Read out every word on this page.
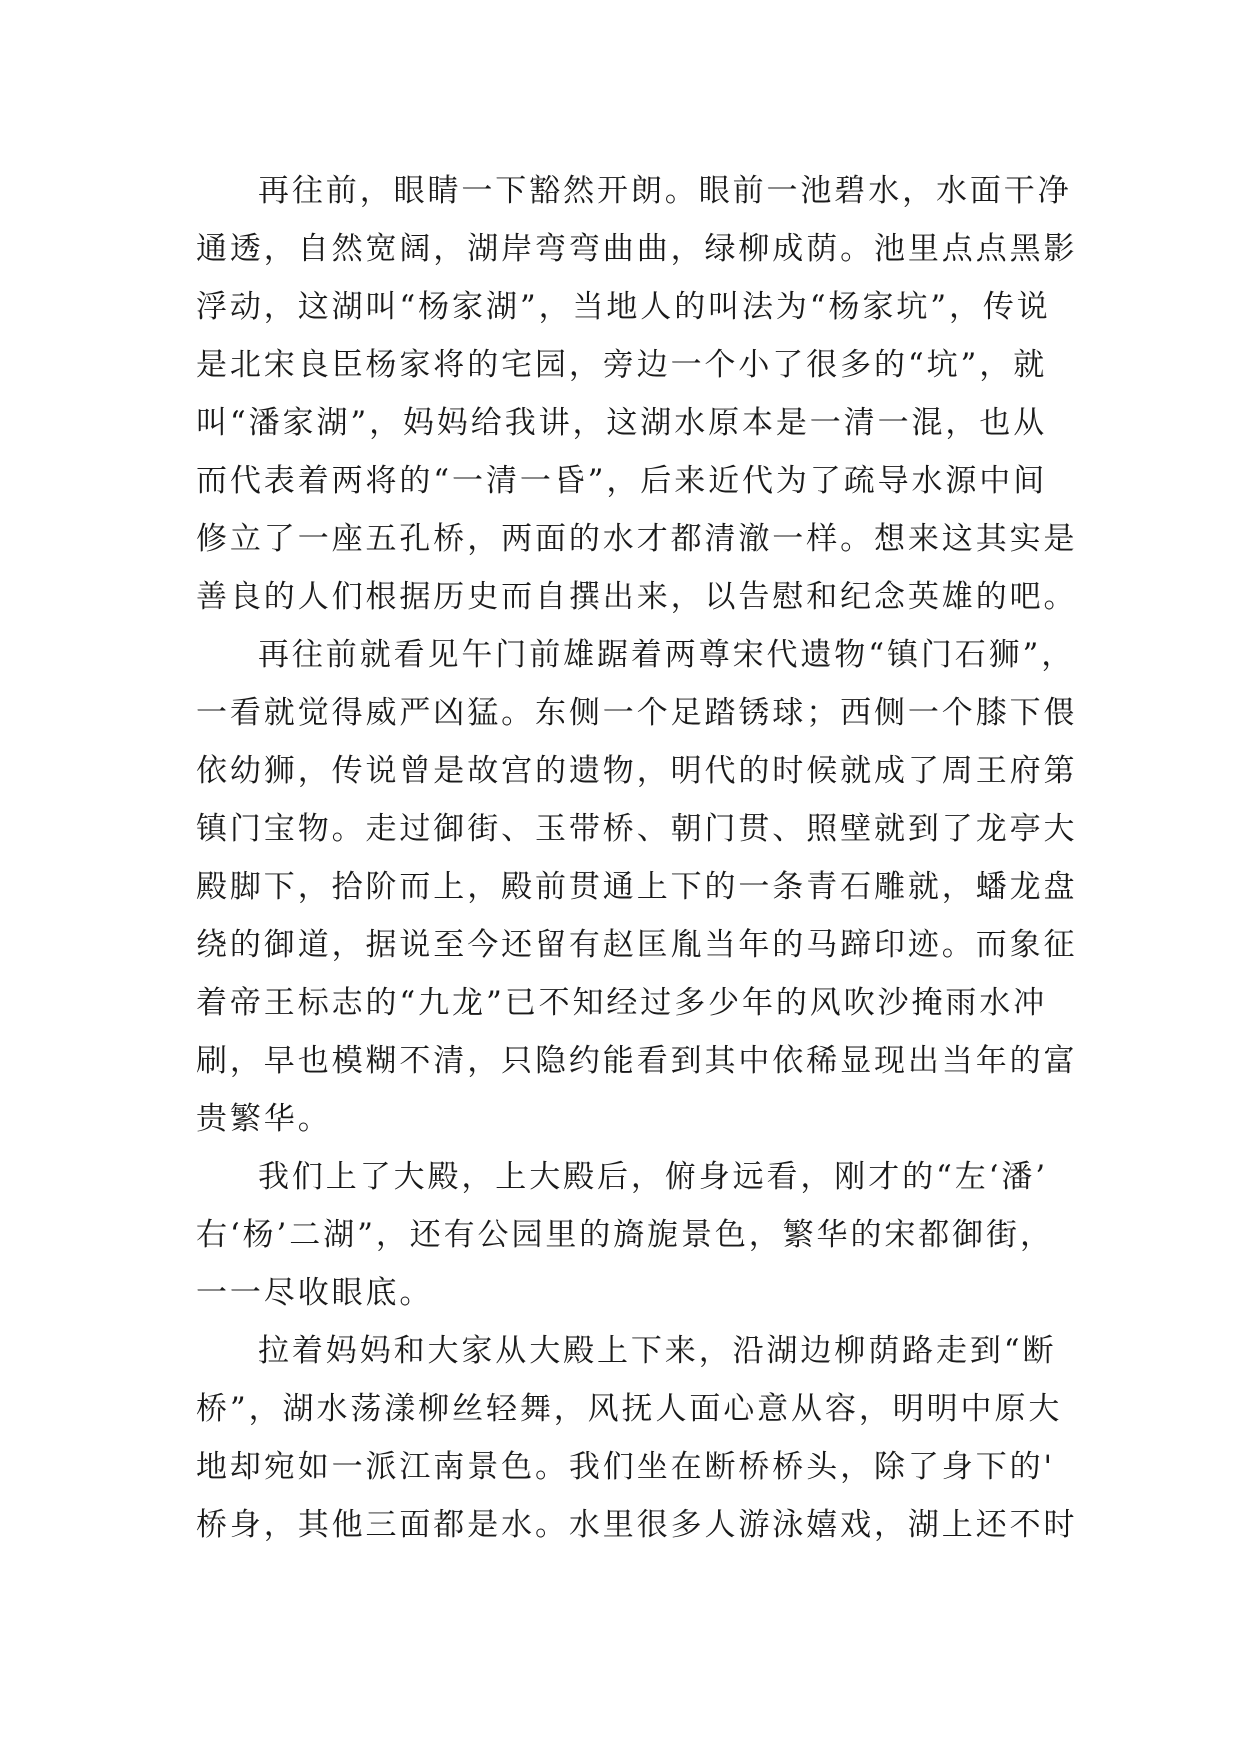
再往前，眼睛一下豁然开朗。眼前一池碧水，水面干净
通透，自然宽阔，湖岸弯弯曲曲，绿柳成荫。池里点点黑影
浮动，这湖叫“杨家湖”，当地人的叫法为“杨家坑”，传说
是北宋良臣杨家将的宅园，旁边一个小了很多的“坑”，就
叫“潘家湖”，妈妈给我讲，这湖水原本是一清一混，也从
而代表着两将的“一清一昏”，后来近代为了疏导水源中间
修立了一座五孔桥，两面的水才都清澈一样。想来这其实是
善良的人们根据历史而自撰出来，以告慰和纪念英雄的吧。
再往前就看见午门前雄踞着两尊宋代遗物“镇门石狮”，
一看就觉得威严凶猛。东侧一个足踏锈球；西侧一个膝下偎
依幼狮，传说曾是故宫的遗物，明代的时候就成了周王府第
镇门宝物。走过御街、玉带桥、朝门贯、照壁就到了龙亭大
殿脚下，拾阶而上，殿前贯通上下的一条青石雕就，蟠龙盘
绕的御道，据说至今还留有赵匡胤当年的马蹄印迹。而象征
着帝王标志的“九龙”已不知经过多少年的风吹沙掩雨水冲
刷，早也模糊不清，只隐约能看到其中依稀显现出当年的富
贵繁华。
我们上了大殿，上大殿后，俯身远看，刚才的“左‘潘’
右‘杨’二湖”，还有公园里的旖旎景色，繁华的宋都御街，
一一尽收眼底。
拉着妈妈和大家从大殿上下来，沿湖边柳荫路走到“断
桥”，湖水荡漾柳丝轻舞，风抚人面心意从容，明明中原大
地却宛如一派江南景色。我们坐在断桥桥头，除了身下的'
桥身，其他三面都是水。水里很多人游泳嬉戏，湖上还不时
